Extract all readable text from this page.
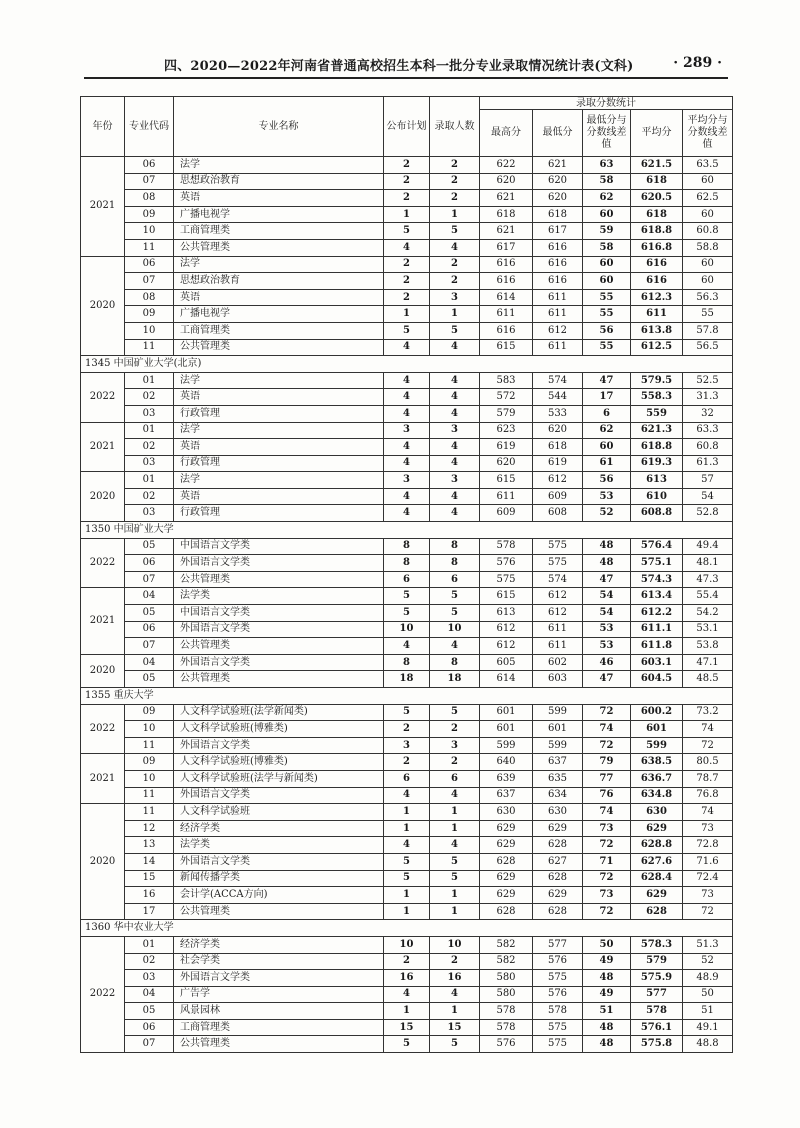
四、2020—2022年河南省普通高校招生本科一批分专业录取情况统计表(文科)	· 289 ·
年份	专业代码	专业名称	公布计划	录取人数	录取分数统计				
					最高分	最低分	最低分与分数线差值	平均分	平均分与分数线差值
2021	06	法学	2	2	622	621	63	621.5	63.5
	07	思想政治教育	2	2	620	620	58	618	60
	08	英语	2	2	621	620	62	620.5	62.5
	09	广播电视学	1	1	618	618	60	618	60
	10	工商管理类	5	5	621	617	59	618.8	60.8
	11	公共管理类	4	4	617	616	58	616.8	58.8
2020	06	法学	2	2	616	616	60	616	60
	07	思想政治教育	2	2	616	616	60	616	60
	08	英语	2	3	614	611	55	612.3	56.3
	09	广播电视学	1	1	611	611	55	611	55
	10	工商管理类	5	5	616	612	56	613.8	57.8
	11	公共管理类	4	4	615	611	55	612.5	56.5
1345 中国矿业大学(北京)									
2022	01	法学	4	4	583	574	47	579.5	52.5
	02	英语	4	4	572	544	17	558.3	31.3
	03	行政管理	4	4	579	533	6	559	32
2021	01	法学	3	3	623	620	62	621.3	63.3
	02	英语	4	4	619	618	60	618.8	60.8
	03	行政管理	4	4	620	619	61	619.3	61.3
2020	01	法学	3	3	615	612	56	613	57
	02	英语	4	4	611	609	53	610	54
	03	行政管理	4	4	609	608	52	608.8	52.8
1350 中国矿业大学									
2022	05	中国语言文学类	8	8	578	575	48	576.4	49.4
	06	外国语言文学类	8	8	576	575	48	575.1	48.1
	07	公共管理类	6	6	575	574	47	574.3	47.3
2021	04	法学类	5	5	615	612	54	613.4	55.4
	05	中国语言文学类	5	5	613	612	54	612.2	54.2
	06	外国语言文学类	10	10	612	611	53	611.1	53.1
	07	公共管理类	4	4	612	611	53	611.8	53.8
2020	04	外国语言文学类	8	8	605	602	46	603.1	47.1
	05	公共管理类	18	18	614	603	47	604.5	48.5
1355 重庆大学									
2022	09	人文科学试验班(法学新闻类)	5	5	601	599	72	600.2	73.2
	10	人文科学试验班(博雅类)	2	2	601	601	74	601	74
	11	外国语言文学类	3	3	599	599	72	599	72
2021	09	人文科学试验班(博雅类)	2	2	640	637	79	638.5	80.5
	10	人文科学试验班(法学与新闻类)	6	6	639	635	77	636.7	78.7
	11	外国语言文学类	4	4	637	634	76	634.8	76.8
2020	11	人文科学试验班	1	1	630	630	74	630	74
	12	经济学类	1	1	629	629	73	629	73
	13	法学类	4	4	629	628	72	628.8	72.8
	14	外国语言文学类	5	5	628	627	71	627.6	71.6
	15	新闻传播学类	5	5	629	628	72	628.4	72.4
	16	会计学(ACCA方向)	1	1	629	629	73	629	73
	17	公共管理类	1	1	628	628	72	628	72
1360 华中农业大学									
2022	01	经济学类	10	10	582	577	50	578.3	51.3
	02	社会学类	2	2	582	576	49	579	52
	03	外国语言文学类	16	16	580	575	48	575.9	48.9
	04	广告学	4	4	580	576	49	577	50
	05	风景园林	1	1	578	578	51	578	51
	06	工商管理类	15	15	578	575	48	576.1	49.1
	07	公共管理类	5	5	576	575	48	575.8	48.8
